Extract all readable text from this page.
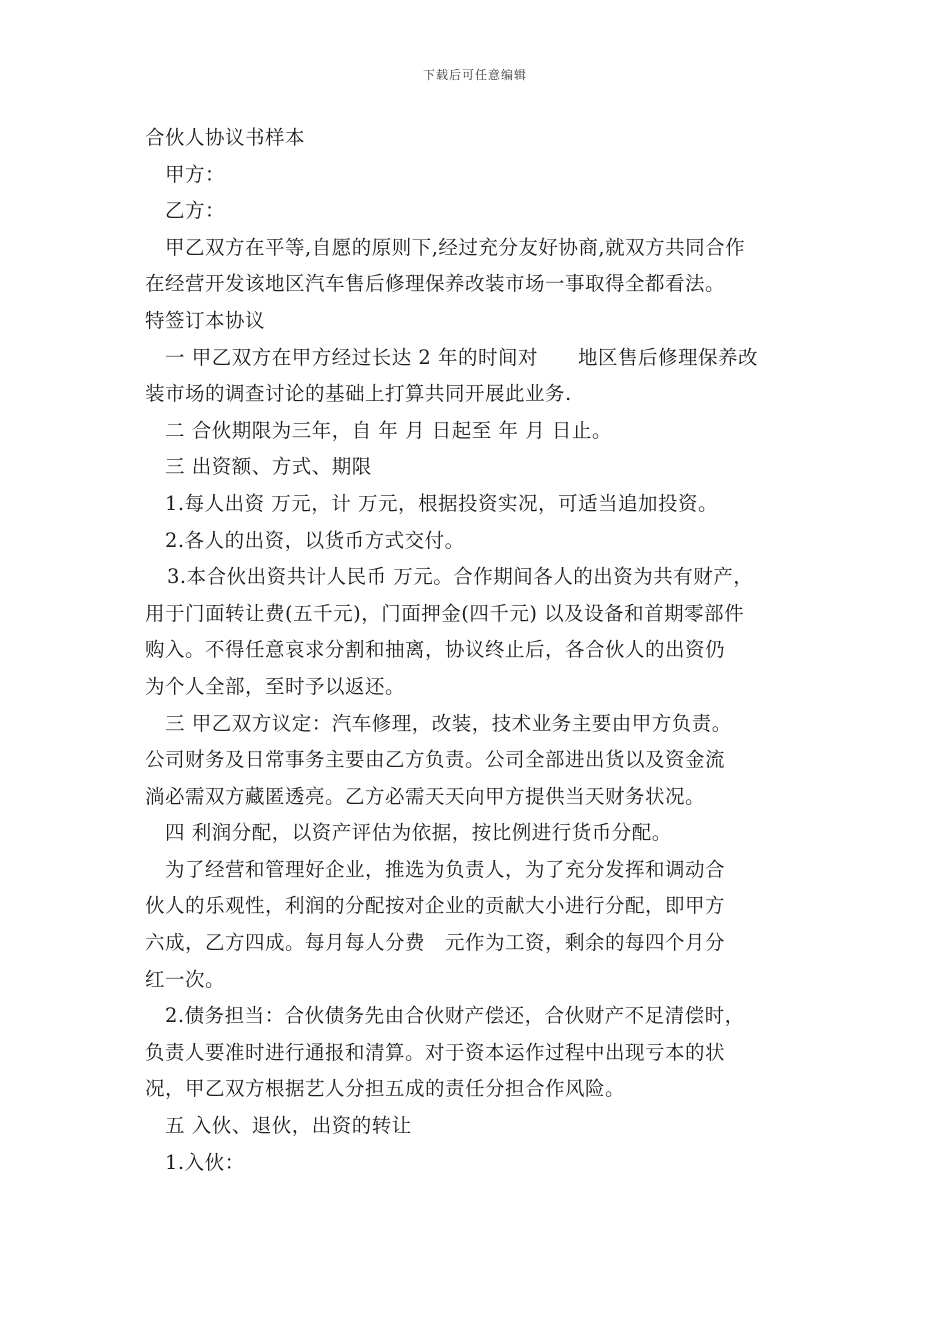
下载后可任意编辑
合伙人协议书样本
甲方：
乙方：
甲乙双方在平等,自愿的原则下,经过充分友好协商,就双方共同合作
在经营开发该地区汽车售后修理保养改装市场一事取得全都看法。
特签订本协议
一 甲乙双方在甲方经过长达 2 年的时间对　　地区售后修理保养改
装市场的调查讨论的基础上打算共同开展此业务.
二 合伙期限为三年，自 年 月 日起至 年 月 日止。
三 出资额、方式、期限
1.每人出资 万元，计 万元，根据投资实况，可适当追加投资。
2.各人的出资，以货币方式交付。
3.本合伙出资共计人民币 万元。合作期间各人的出资为共有财产，
用于门面转让费(五千元)，门面押金(四千元) 以及设备和首期零部件
购入。不得任意哀求分割和抽离，协议终止后，各合伙人的出资仍
为个人全部，至时予以返还。
三 甲乙双方议定：汽车修理，改装，技术业务主要由甲方负责。
公司财务及日常事务主要由乙方负责。公司全部进出货以及资金流
淌必需双方藏匿透亮。乙方必需天天向甲方提供当天财务状况。
四 利润分配，以资产评估为依据，按比例进行货币分配。
为了经营和管理好企业，推选为负责人，为了充分发挥和调动合
伙人的乐观性，利润的分配按对企业的贡献大小进行分配，即甲方
六成，乙方四成。每月每人分费　元作为工资，剩余的每四个月分
红一次。
2.债务担当：合伙债务先由合伙财产偿还，合伙财产不足清偿时，
负责人要准时进行通报和清算。对于资本运作过程中出现亏本的状
况，甲乙双方根据艺人分担五成的责任分担合作风险。
五 入伙、退伙，出资的转让
1.入伙：
